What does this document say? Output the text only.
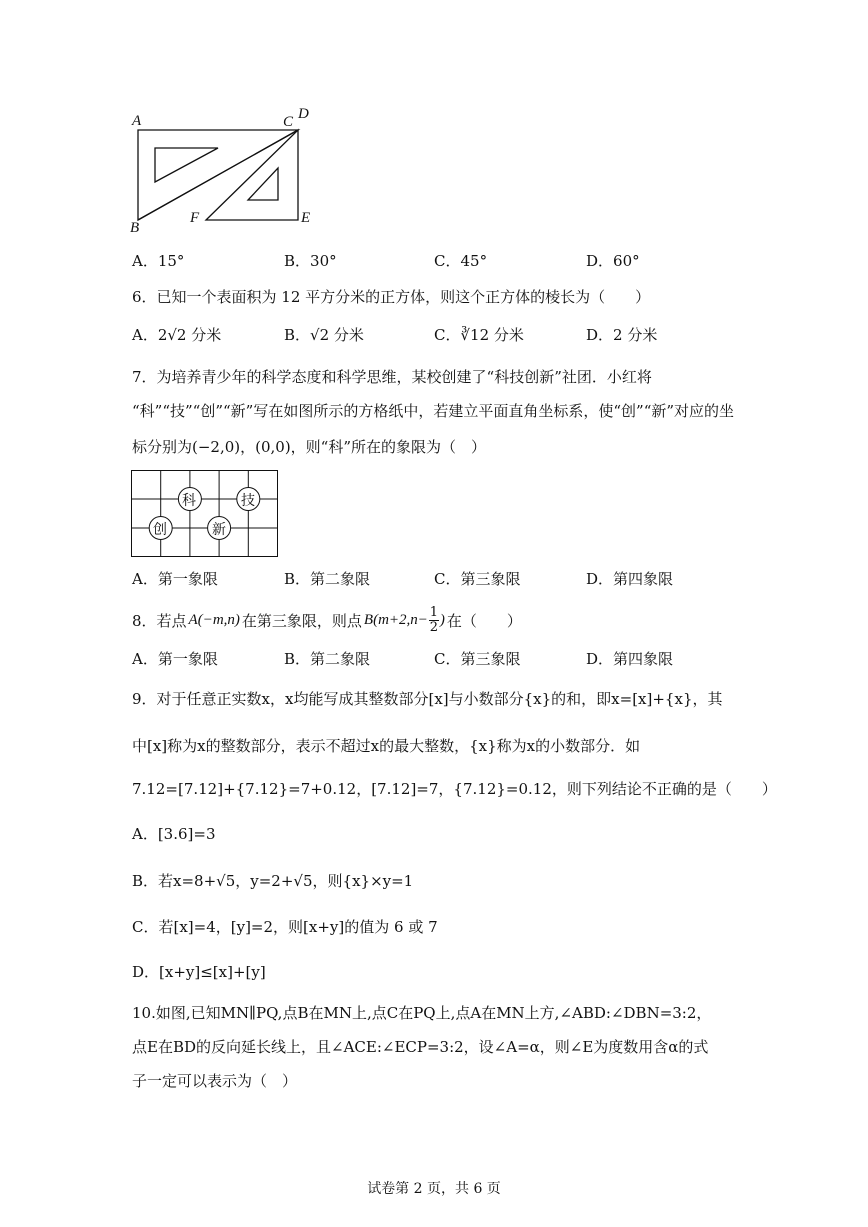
A
B
C D
E
F
A．15°	B．30°	C．45°	D．60°
6．已知一个表面积为 12 平方分米的正方体，则这个正方体的棱长为（　　）
A．2√2 分米	B．√2 分米	C．∛12 分米	D．2 分米
7．为培养青少年的科学态度和科学思维，某校创建了“科技创新”社团．小红将
“科”“技”“创”“新”写在如图所示的方格纸中，若建立平面直角坐标系，使“创”“新”对应的坐
标分别为(−2,0)，(0,0)，则“科”所在的象限为（　）
科	技
创	新
A．第一象限	B．第二象限	C．第三象限	D．第四象限
8．若点 A(−m,n) 在第三象限，则点 B(m+2,n− 1
2 ) 在（　　）
A．第一象限	B．第二象限	C．第三象限	D．第四象限
9．对于任意正实数x，x均能写成其整数部分[x]与小数部分{x}的和，即x=[x]+{x}，其
中[x]称为x的整数部分，表示不超过x的最大整数，{x}称为x的小数部分．如
7.12=[7.12]+{7.12}=7+0.12，[7.12]=7，{7.12}=0.12，则下列结论不正确的是（　　）
A．[3.6]=3
B．若x=8+√5，y=2+√5，则{x}×y=1
C．若[x]=4，[y]=2，则[x+y]的值为 6 或 7
D．[x+y]≤[x]+[y]
10.如图,已知MN∥PQ,点B在MN上,点C在PQ上,点A在MN上方,∠ABD:∠DBN=3:2，
点E在BD的反向延长线上，且∠ACE:∠ECP=3:2，设∠A=α，则∠E为度数用含α的式
子一定可以表示为（　）
试卷第 2 页，共 6 页
